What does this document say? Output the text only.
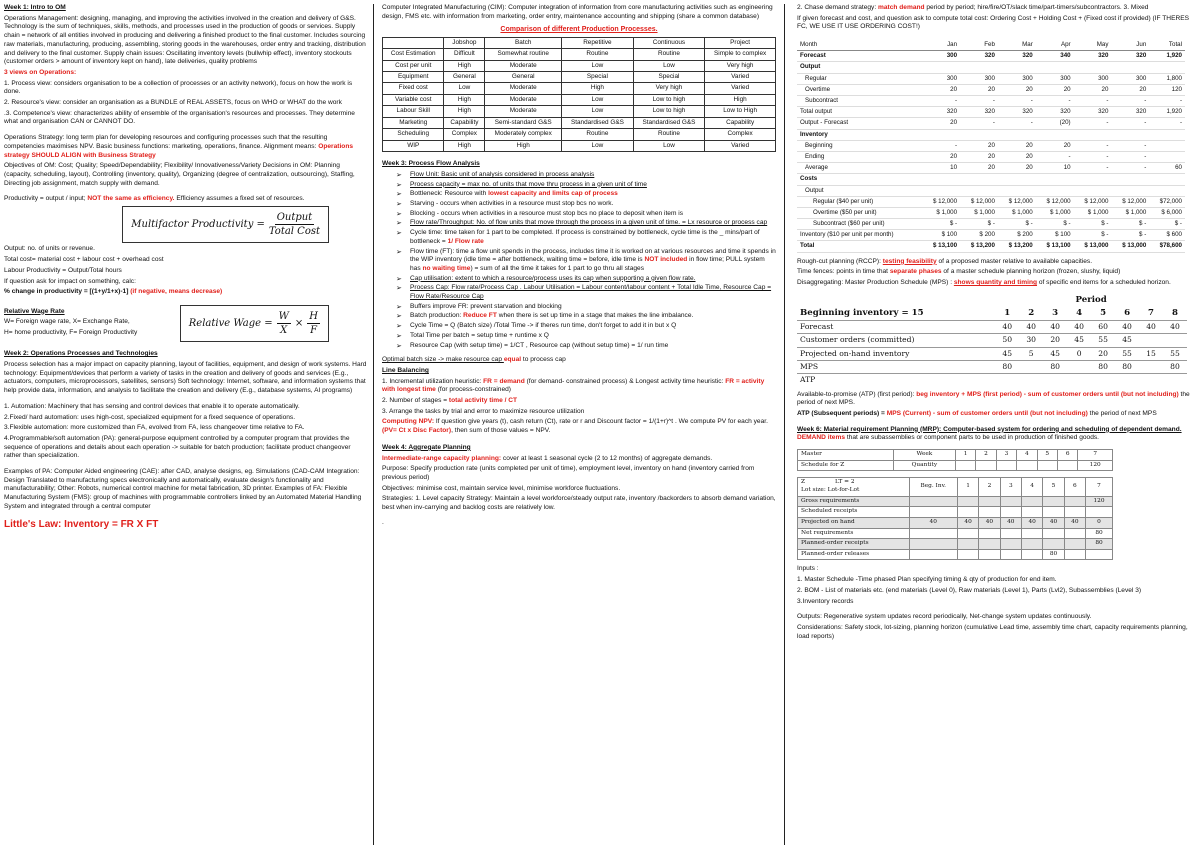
Week 1: Intro to OM

Operations Management: designing, managing, and improving the activities involved in the creation and delivery of G&S. Technology is the sum of techniques, skills, methods, and processes used in the production of goods or services. Supply chain = network of all entities involved in producing and delivering a finished product to the final customer. Includes sourcing raw materials, manufacturing, producing, assembling, storing goods in the warehouses, order entry and tracking, distribution and delivery to the final customer. Supply chain issues: Oscillating inventory levels (bullwhip effect), inventory stockouts (customer orders > amount of inventory kept on hand), late deliveries, quality problems

3 views on Operations:

1. Process view: considers organisation to be a collection of processes or an activity network), focus on how the work is done.

2. Resource's view: consider an organisation as a BUNDLE of REAL ASSETS, focus on WHO or WHAT do the work

.3. Competence's view: characterizes ability of ensemble of the organisation's resources and processes. They determine what and organisation CAN or CANNOT DO.

Operations Strategy: long term plan for developing resources and configuring processes such that the resulting competencies maximises NPV. Basic business functions: marketing, operations, finance. Alignment means: Operations strategy SHOULD ALIGN with Business Strategy

Objectives of OM: Cost; Quality; Speed/Dependability; Flexibility/ Innovativeness/Variety Decisions in OM: Planning (capacity, scheduling, layout), Controlling (inventory, quality), Organizing (degree of centralization, outsourcing), Staffing, Directing job assignment, match supply with demand.

Productivity = output / input; NOT the same as efficiency. Efficiency assumes a fixed set of resources.

Multifactor Productivity = $\frac{\text{Output}}{\text{Total Cost}}$

Output: no. of units or revenue.

Total cost= material cost + labour cost + overhead cost

Labour Productivity = Output/Total hours

If question ask for impact on something, calc:

% change in productivity = [(1+y/1+x)-1] (if negative, means decrease)

Relative Wage Rate

W= Foreign wage rate, X= Exchange Rate,

H= home productivity, F= Foreign Productivity

Relative Wage = $\frac{W}{X} \times \frac{H}{F}$

Week 2: Operations Processes and Technologies

Process selection has a major impact on capacity planning, layout of facilities, equipment, and design of work systems. Hard technology: Equipment/devices that perform a variety of tasks in the creation and delivery of goods and services (E.g., actuators, computers, microprocessors, satellites, sensors) Soft technology: Internet, software, and information systems that help provide data, information, and analysis to facilitate the creation and delivery (E.g., database systems, AI programs)

1. Automation: Machinery that has sensing and control devices that enable it to operate automatically.

2.Fixed/ hard automation: uses high-cost, specialized equipment for a fixed sequence of operations.

3.Flexible automation: more customized than FA, evolved from FA, less changeover time relative to FA.

4.Programmable/soft automation (PA): general-purpose equipment controlled by a computer program that provides the sequence of operations and details about each operation -> suitable for batch production; facilitate product changeover rather than specialization.

Examples of PA: Computer Aided engineering (CAE): after CAD, analyse designs, eg. Simulations (CAD-CAM Integration: Design Translated to manufacturing specs electronically and automatically, evaluate design's functionality and manufacturability; Other: Robots, numerical control machine for metal fabrication, 3D printer. Examples of FA: Flexible Manufacturing System (FMS): group of machines with programmable controllers linked by an Automated Material Handling System and integrated through a central computer

Little's Law: Inventory = FR X FT

Computer Integrated Manufacturing (CIM): Computer integration of information from core manufacturing activities such as engineering design, FMS etc. with information from marketing, order entry, maintenance accounting and shipping (share a common database)

Comparison of different Production Processes.

	Jobshop	Batch	Repetitive	Continuous	Project
Cost Estimation	Difficult	Somewhat routine	Routine	Routine	Simple to complex
Cost per unit	High	Moderate	Low	Low	Very high
Equipment	General	General	Special	Special	Varied
Fixed cost	Low	Moderate	High	Very high	Varied
Variable cost	High	Moderate	Low	Low to high	High
Labour Skill	High	Moderate	Low	Low to high	Low to High
Marketing	Capability	Semi-standard G&S	Standardised G&S	Standardised G&S	Capability
Scheduling	Complex	Moderately complex	Routine	Routine	Complex
WIP	High	High	Low	Low	Varied

Week 3: Process Flow Analysis

➢ Flow Unit: Basic unit of analysis considered in process analysis
➢ Process capacity = max no. of units that move thru process in a given unit of time
➢ Bottleneck: Resource with lowest capacity and limits cap of process
➢ Starving - occurs when activities in a resource must stop bcs no work.
➢ Blocking - occurs when activities in a resource must stop bcs no place to deposit when item is
➢ Flow rate/Throughput: No. of flow units that move through the process in a given unit of time. = Lx resource or process cap
➢ Cycle time: time taken for 1 part to be completed. If process is constrained by bottleneck, cycle time is the _ mins/part of bottleneck = 1/ Flow rate
➢ Flow time (FT): time a flow unit spends in the process, includes time it is worked on at various resources and time it spends in the WIP inventory (idle time = after bottleneck, waiting time = before, idle time is NOT included in flow time; PULL system has no waiting time) = sum of all the time it takes for 1 part to go thru all stages
➢ Cap utilisation: extent to which a resource/process uses its cap when supporting a given flow rate.
➢ Process Cap: Flow rate/Process Cap . Labour Utilisation = Labour content/labour content + Total Idle Time, Resource Cap = Flow Rate/Resource Cap
➢ Buffers improve FR: prevent starvation and blocking
➢ Batch production: Reduce FT when there is set up time in a stage that makes the line imbalance.
➢ Cycle Time = Q (Batch size) /Total Time -> if theres run time, don't forget to add it in but x Q
➢ Total Time per batch = setup time + runtime x Q
➢ Resource Cap (with setup time) = 1/CT , Resource cap (without setup time) = 1/ run time

Optimal batch size -> make resource cap equal to process cap

Line Balancing

1. Incremental utilization heuristic: FR = demand (for demand- constrained process) & Longest activity time heuristic: FR = activity with longest time (for process-constrained)

2. Number of stages = total activity time / CT

3. Arrange the tasks by trial and error to maximize resource utilization

Computing NPV: If question give years (t), cash return (Ct), rate or r and Discount factor = 1/(1+r)^t . We compute PV for each year. (PV= Ct x Disc Factor), then sum of those values = NPV.

Week 4: Aggregate Planning

Intermediate-range capacity planning: cover at least 1 seasonal cycle (2 to 12 months) of aggregate demands.

Purpose: Specify production rate (units completed per unit of time), employment level, inventory on hand (inventory carried from previous period)

Objectives: minimise cost, maintain service level, minimise workforce fluctuations.

Strategies: 1. Level capacity Strategy: Maintain a level workforce/steady output rate, inventory /backorders to absorb demand variation, best when inv-carrying and backlog costs are relatively low.

.

2. Chase demand strategy: match demand period by period; hire/fire/OT/slack time/part-timers/subcontractors. 3. Mixed

If given forecast and cost, and question ask to compute total cost: Ordering Cost + Holding Cost + (Fixed cost if provided) (IF THERES FC, WE USE IT USE ORDERING COST!)

Month	Jan	Feb	Mar	Apr	May	Jun	Total
Forecast	300	320	320	340	320	320	1,920
Output							
Regular	300	300	300	300	300	300	1,800
Overtime	20	20	20	20	20	20	120
Subcontract	-	-	-	-	-	-	-
Total output	320	320	320	320	320	320	1,920
Output - Forecast	20	-	-	(20)	-	-	-
Inventory							
Beginning	-	20	20	20	-	-	
Ending	20	20	20	-	-	-	
Average	10	20	20	10	-	-	60
Costs							
Output							
Regular ($40 per unit)	$ 12,000	$ 12,000	$ 12,000	$ 12,000	$ 12,000	$ 12,000	$72,000
Overtime ($50 per unit)	$ 1,000	$ 1,000	$ 1,000	$ 1,000	$ 1,000	$ 1,000	$ 6,000
Subcontract ($60 per unit)	$ -	$ -	$ -	$ -	$ -	$ -	$ -
Inventory ($10 per unit per month)	$ 100	$ 200	$ 200	$ 100	$ -	$ -	$ 600
Total	$ 13,100	$ 13,200	$ 13,200	$ 13,100	$ 13,000	$ 13,000	$78,600

Rough-cut planning (RCCP): testing feasibility of a proposed master relative to available capacities.

Time fences: points in time that separate phases of a master schedule planning horizon (frozen, slushy, liquid)

Disaggregating: Master Production Schedule (MPS) : shows quantity and timing of specific end items for a scheduled horizon.

	Period							
Beginning inventory = 15	1	2	3	4	5	6	7	8
Forecast	40	40	40	40	60	40	40	40
Customer orders (committed)	50	30	20	45	55	45		
Projected on-hand inventory	45	5	45	0	20	55	15	55
MPS	80		80		80	80		80
ATP								

Available-to-promise (ATP) (first period): beg inventory + MPS (first period) - sum of customer orders until (but not including) the period of next MPS.

ATP (Subsequent periods) = MPS (Current) - sum of customer orders until (but not including) the period of next MPS

Week 6: Material requirement Planning (MRP): Computer-based system for ordering and scheduling of dependent demand. DEMAND items that are subassemblies or component parts to be used in production of finished goods.

Master	Week	1	2	3	4	5	6	7
Schedule for Z	Quantity							120
Z LT = 2
Lot size: Lot-for-Lot	Beg. Inv.	1	2	3	4	5	6	7
Gross requirements								120
Scheduled receipts								
Projected on hand	40	40	40	40	40	40	40	0
Net requirements								80
Planned-order receipts								80
Planned-order releases						80		

Inputs :

1. Master Schedule -Time phased Plan specifying timing & qty of production for end item.

2. BOM - List of materials etc. (end materials (Level 0), Raw materials (Level 1), Parts (Lvl2), Subassemblies (Level 3)

3.Inventory records

Outputs: Regenerative system updates record periodically, Net-change system updates continuously.

Considerations: Safety stock, lot-sizing, planning horizon (cumulative Lead time, assembly time chart, capacity requirements planning, load reports)
